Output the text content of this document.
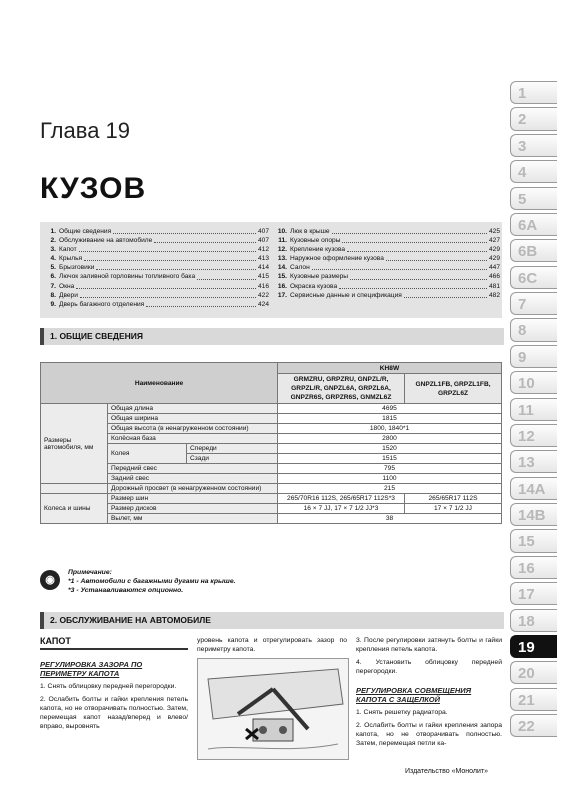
Глава 19
КУЗОВ
1. Общие сведения	407
2. Обслуживание на автомобиле	407
3. Капот	412
4. Крылья	413
5. Брызговики	414
6. Лючок заливной горловины топливного бака	415
7. Окна	416
8. Двери	422
9. Дверь багажного отделения	424
10. Люк в крыше	425
11. Кузовные опоры	427
12. Крепление кузова	429
13. Наружное оформление кузова	429
14. Салон	447
15. Кузовные размеры	466
16. Окраска кузова	481
17. Сервисные данные и спецификация	482
1. ОБЩИЕ СВЕДЕНИЯ
Наименование			KH8W	
			GRMZRU, GRPZRU, GNPZL/R, GRPZL/R, GNPZL6A, GRPZL6A, GNPZR6S, GRPZR6S, GNMZL6Z	GNPZL1FB, GRPZL1FB, GRPZL6Z
Размеры автомобиля, мм	Общая длина		4695	
	Общая ширина		1815	
	Общая высота (в ненагруженном состоянии)		1800, 1840*1	
	Колёсная база		2800	
	Колея	Спереди	1520	
		Сзади	1515	
	Передний свес		795	
	Задний свес		1100	
	Дорожный просвет (в ненагруженном состоянии)		215	
Колеса и шины	Размер шин		265/70R16 112S, 265/65R17 112S*3	265/65R17 112S
	Размер дисков		16 × 7 JJ, 17 × 7 1/2 JJ*3	17 × 7 1/2 JJ
	Вылет, мм		38	
◉
Примечание:
*1 - Автомобили с багажными дугами на крыше.
*3 - Устанавливаются опционно.
2. ОБСЛУЖИВАНИЕ НА АВТОМОБИЛЕ
КАПОТ
РЕГУЛИРОВКА ЗАЗОРА ПО ПЕРИМЕТРУ КАПОТА
1. Снять облицовку передней перегородки.
2. Ослабить болты и гайки крепления петель капота, но не отворачивать полностью. Затем, перемещая капот назад/вперед и влево/вправо, выровнять
уровень капота и отрегулировать зазор по периметру капота.
3. После регулировки затянуть болты и гайки крепления петель капота.
4. Установить облицовку передней перегородки.
РЕГУЛИРОВКА СОВМЕЩЕНИЯ КАПОТА С ЗАЩЕЛКОЙ
1. Снять решетку радиатора.
2. Ослабить болты и гайки крепления запора капота, но не отворачивать полностью. Затем, перемещая петли ка-
Издательство «Монолит»
1
2
3
4
5
6A
6B
6C
7
8
9
10
11
12
13
14A
14B
15
16
17
18
19
20
21
22
